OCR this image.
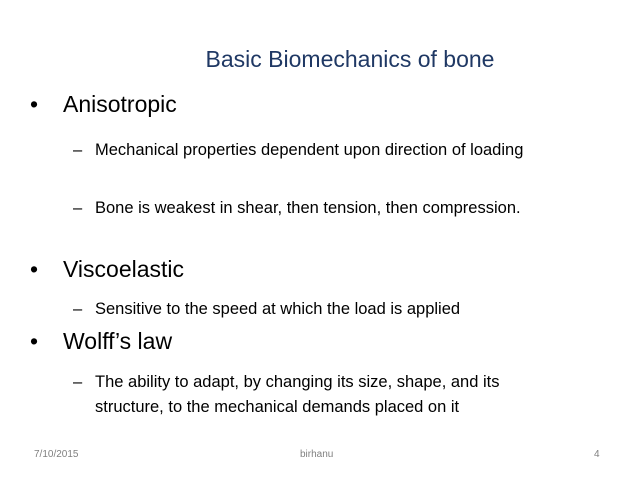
Basic Biomechanics of bone
• Anisotropic
– Mechanical properties dependent upon direction of loading
– Bone is weakest in shear, then tension, then compression.
• Viscoelastic
– Sensitive to the speed at which the load is applied
• Wolff’s law
– The ability to adapt, by changing its size, shape, and its structure, to the mechanical demands placed on it
7/10/2015	birhanu	4
